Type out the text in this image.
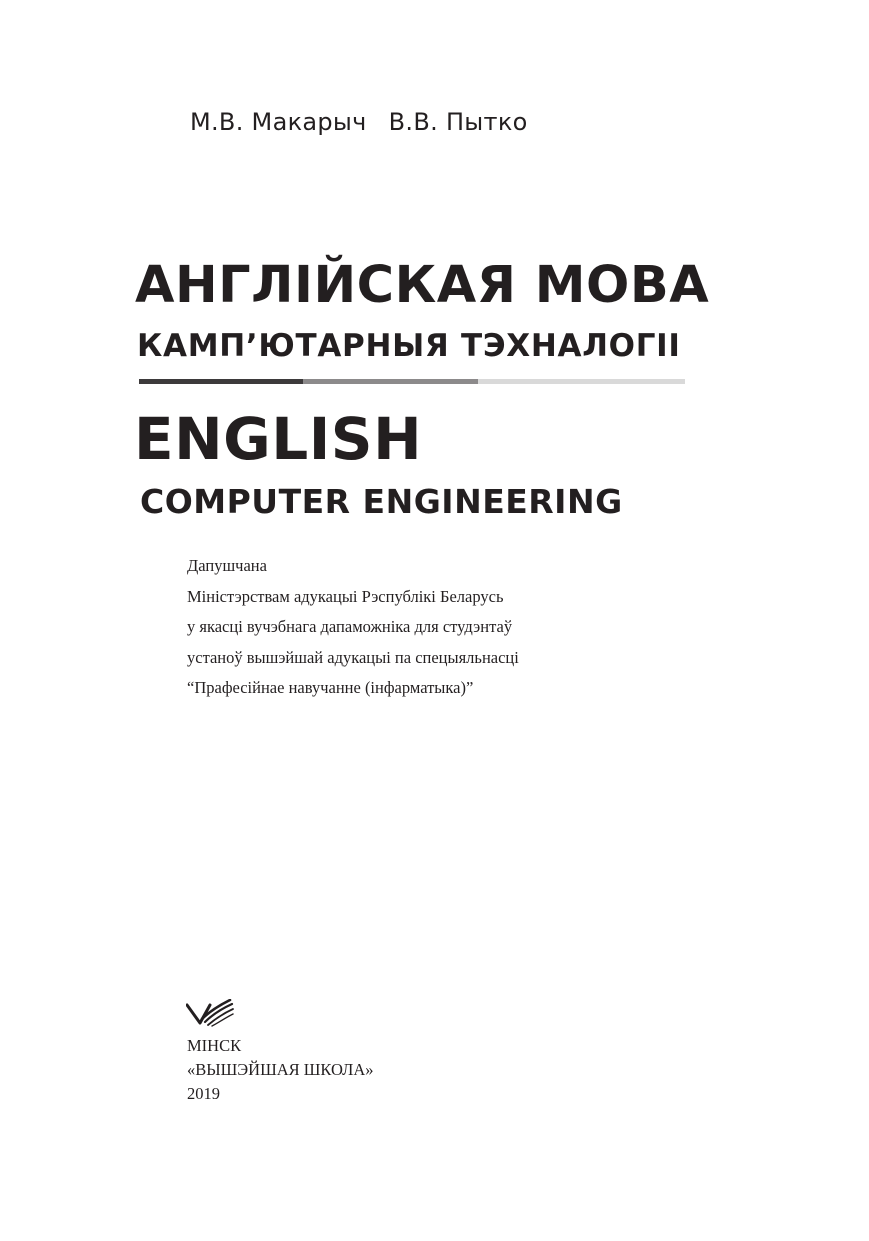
М.В. Макарыч В.В. Пытко
АНГЛІЙСКАЯ МОВА
КАМП’ЮТАРНЫЯ ТЭХНАЛОГІІ
ENGLISH
COMPUTER ENGINEERING
Дапушчана
Міністэрствам адукацыі Рэспублікі Беларусь
у якасці вучэбнага дапаможніка для студэнтаў
устаноў вышэйшай адукацыі па спецыяльнасці
“Прафесійнае навучанне (інфарматыка)”
МІНСК
«ВЫШЭЙШАЯ ШКОЛА»
2019
